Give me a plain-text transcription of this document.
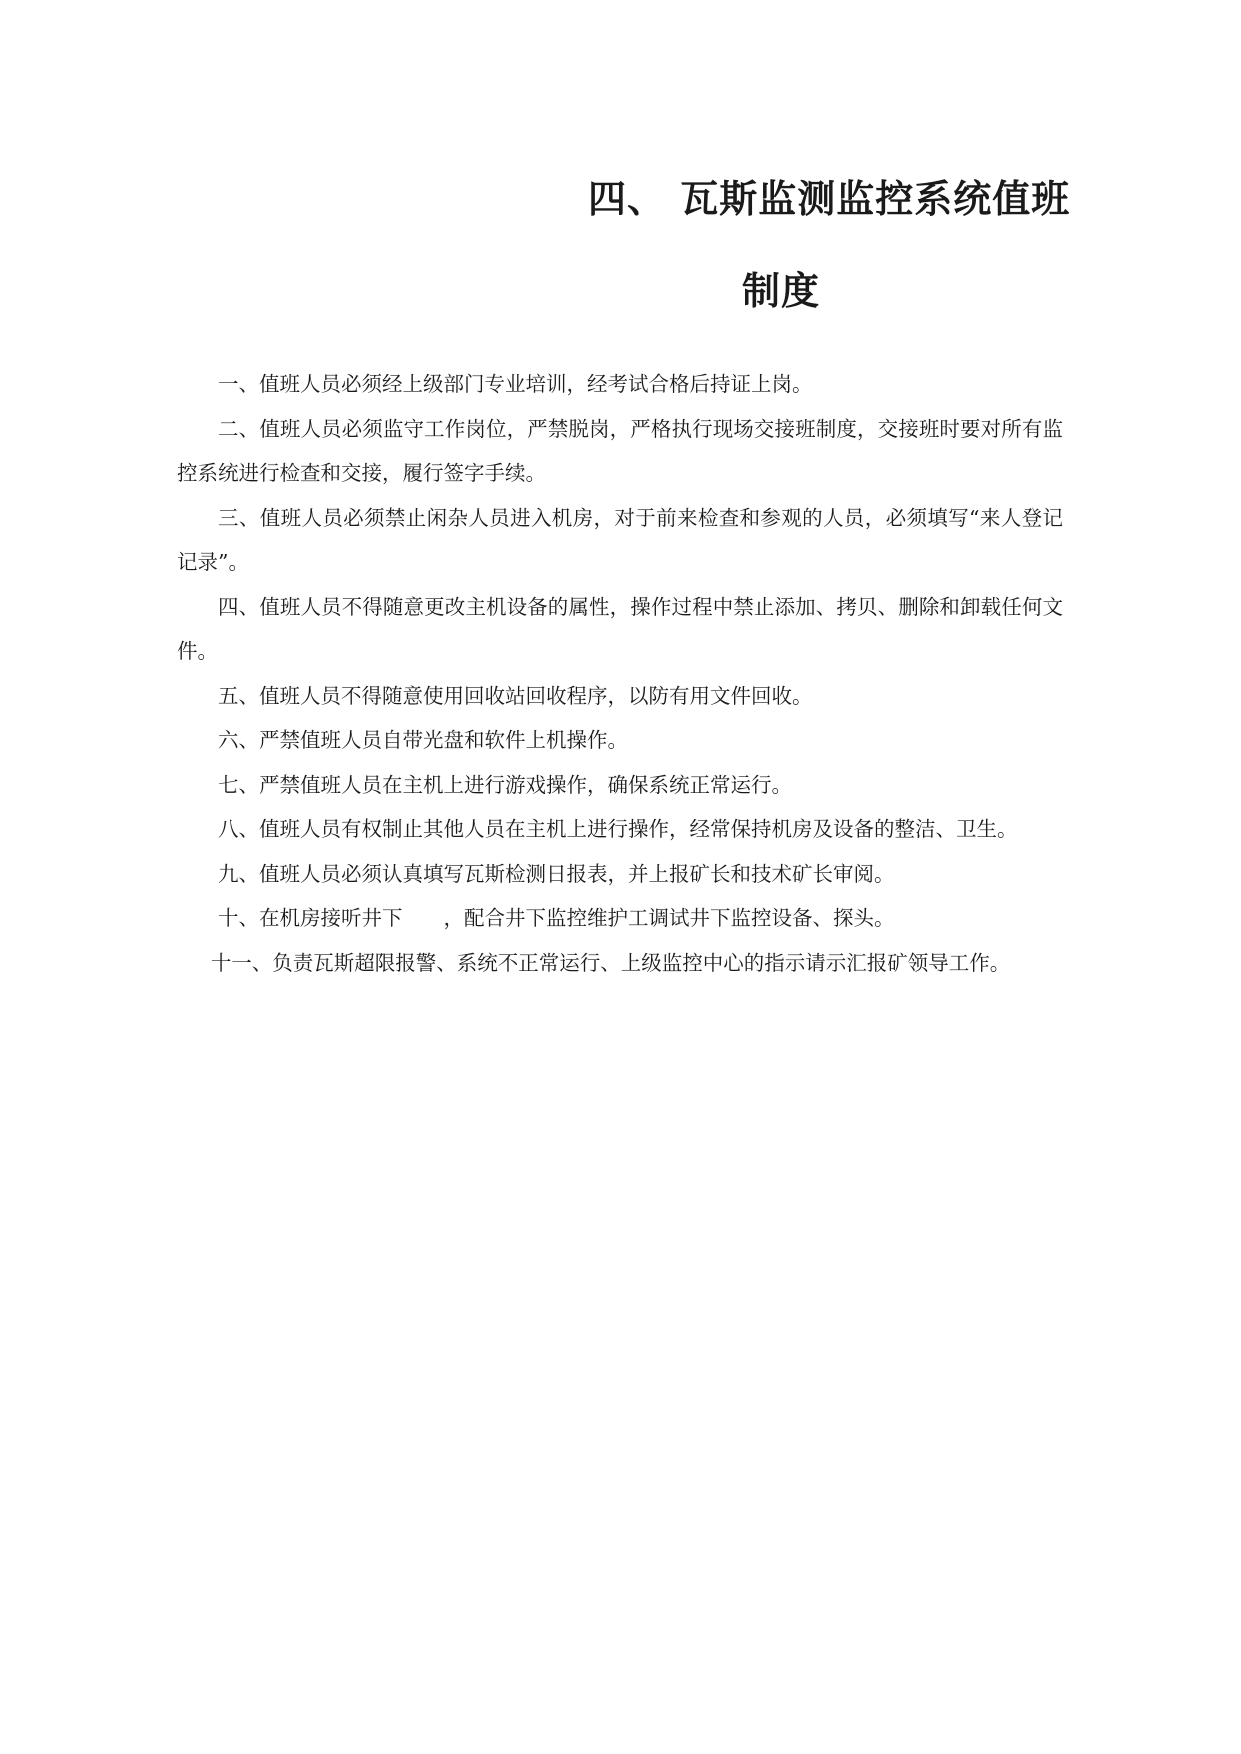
四、 瓦斯监测监控系统值班
制度

一、值班人员必须经上级部门专业培训，经考试合格后持证上岗。

二、值班人员必须监守工作岗位，严禁脱岗，严格执行现场交接班制度，交接班时要对所有监控系统进行检查和交接，履行签字手续。

三、值班人员必须禁止闲杂人员进入机房，对于前来检查和参观的人员，必须填写“来人登记记录”。

四、值班人员不得随意更改主机设备的属性，操作过程中禁止添加、拷贝、删除和卸载任何文件。

五、值班人员不得随意使用回收站回收程序，以防有用文件回收。

六、严禁值班人员自带光盘和软件上机操作。

七、严禁值班人员在主机上进行游戏操作，确保系统正常运行。

八、值班人员有权制止其他人员在主机上进行操作，经常保持机房及设备的整洁、卫生。

九、值班人员必须认真填写瓦斯检测日报表，并上报矿长和技术矿长审阅。

十、在机房接听井下　　，配合井下监控维护工调试井下监控设备、探头。

十一、负责瓦斯超限报警、系统不正常运行、上级监控中心的指示请示汇报矿领导工作。
